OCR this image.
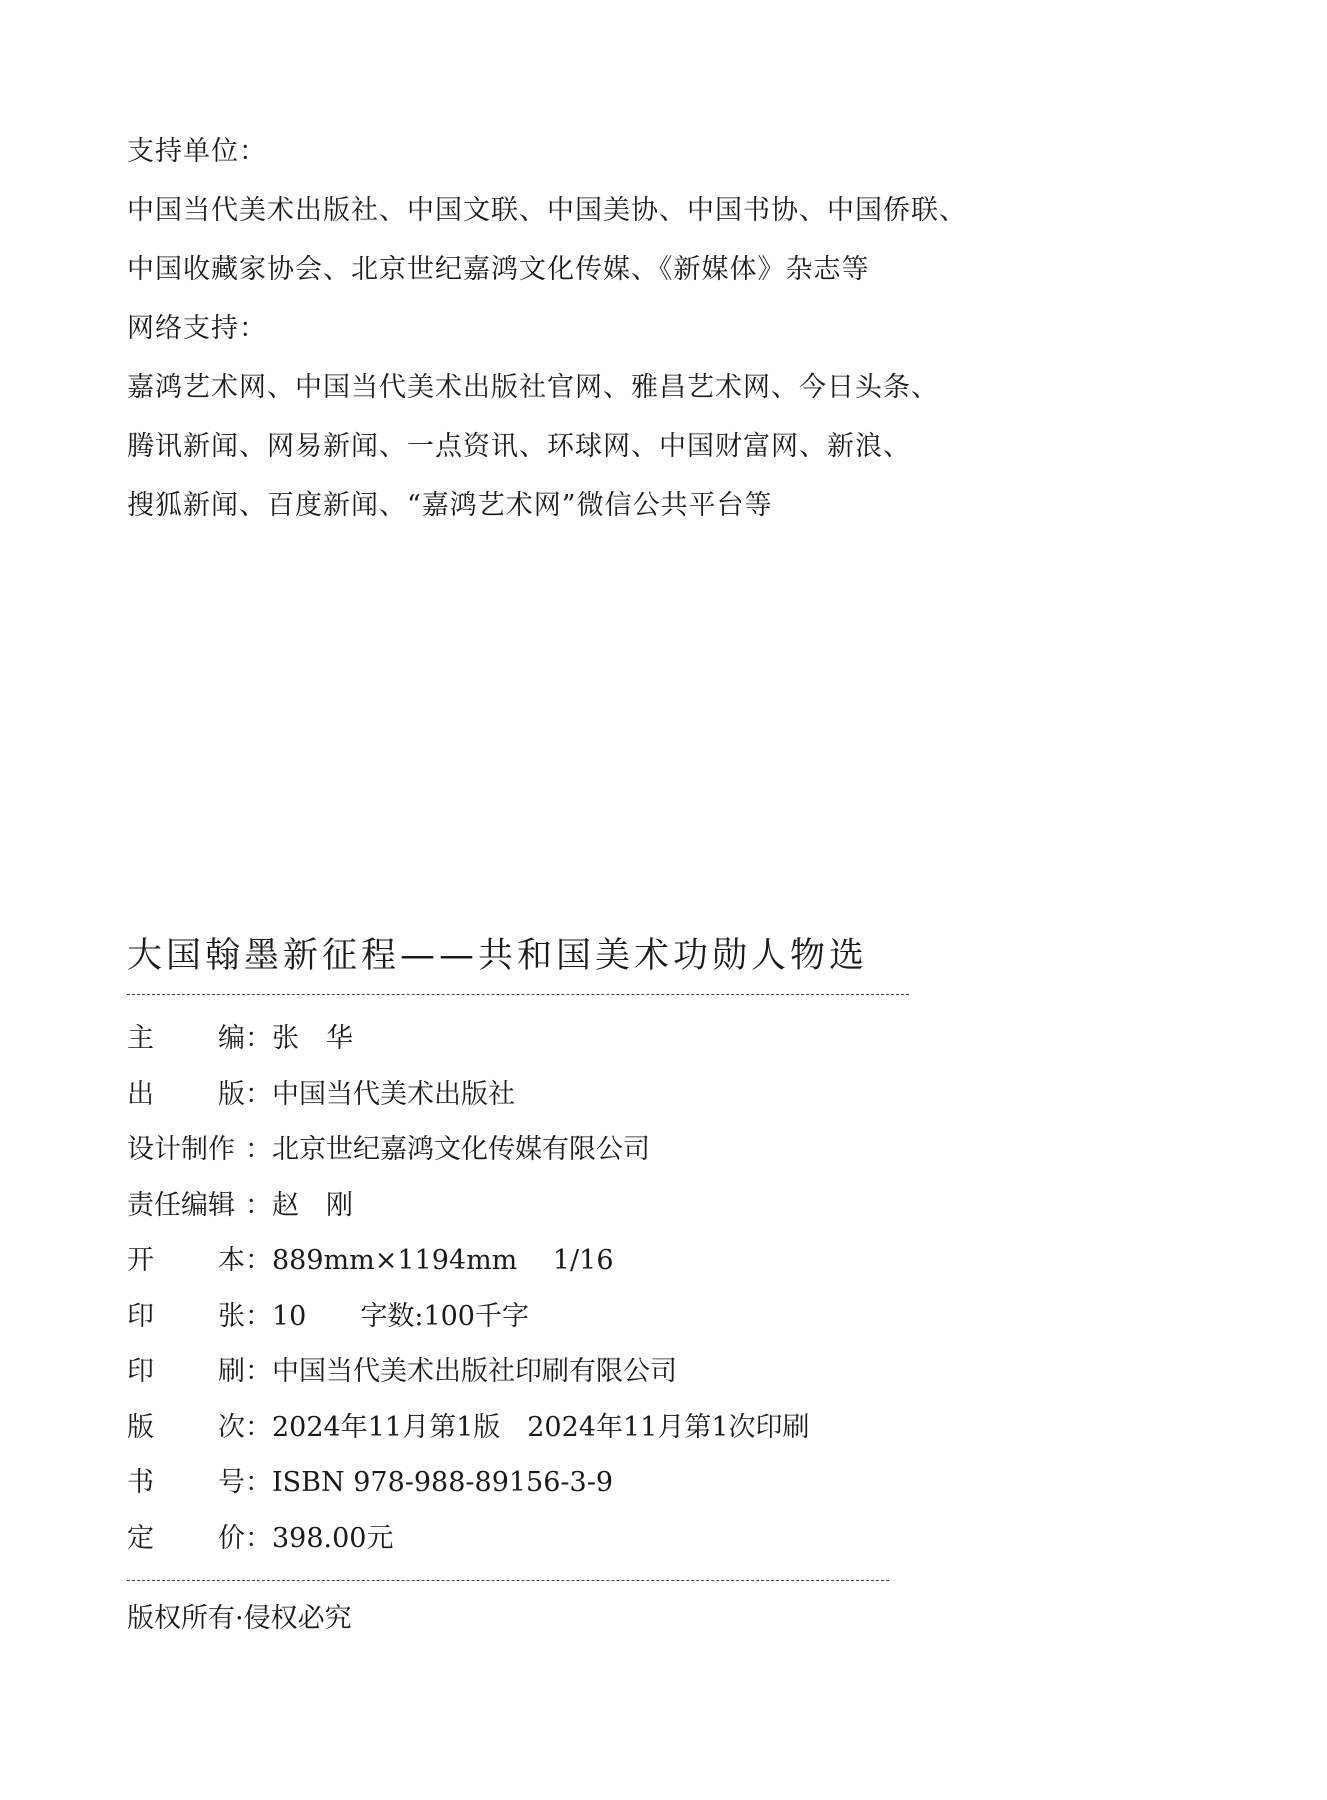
支持单位：
中国当代美术出版社、中国文联、中国美协、中国书协、中国侨联、
中国收藏家协会、北京世纪嘉鸿文化传媒、《新媒体》杂志等
网络支持：
嘉鸿艺术网、中国当代美术出版社官网、雅昌艺术网、今日头条、
腾讯新闻、网易新闻、一点资讯、环球网、中国财富网、新浪、
搜狐新闻、百度新闻、“嘉鸿艺术网”微信公共平台等
大国翰墨新征程——共和国美术功勋人物选
主 编 ： 张　华
出 版 ： 中国当代美术出版社
设计制作 ： 北京世纪嘉鸿文化传媒有限公司
责任编辑 ： 赵　刚
开 本 ： 889mm×1194mm　 1/16
印 张 ： 10　　字数:100千字
印 刷 ： 中国当代美术出版社印刷有限公司
版 次 ： 2024年11月第1版　2024年11月第1次印刷
书 号 ： ISBN 978-988-89156-3-9
定 价 ： 398.00元
版权所有·侵权必究
